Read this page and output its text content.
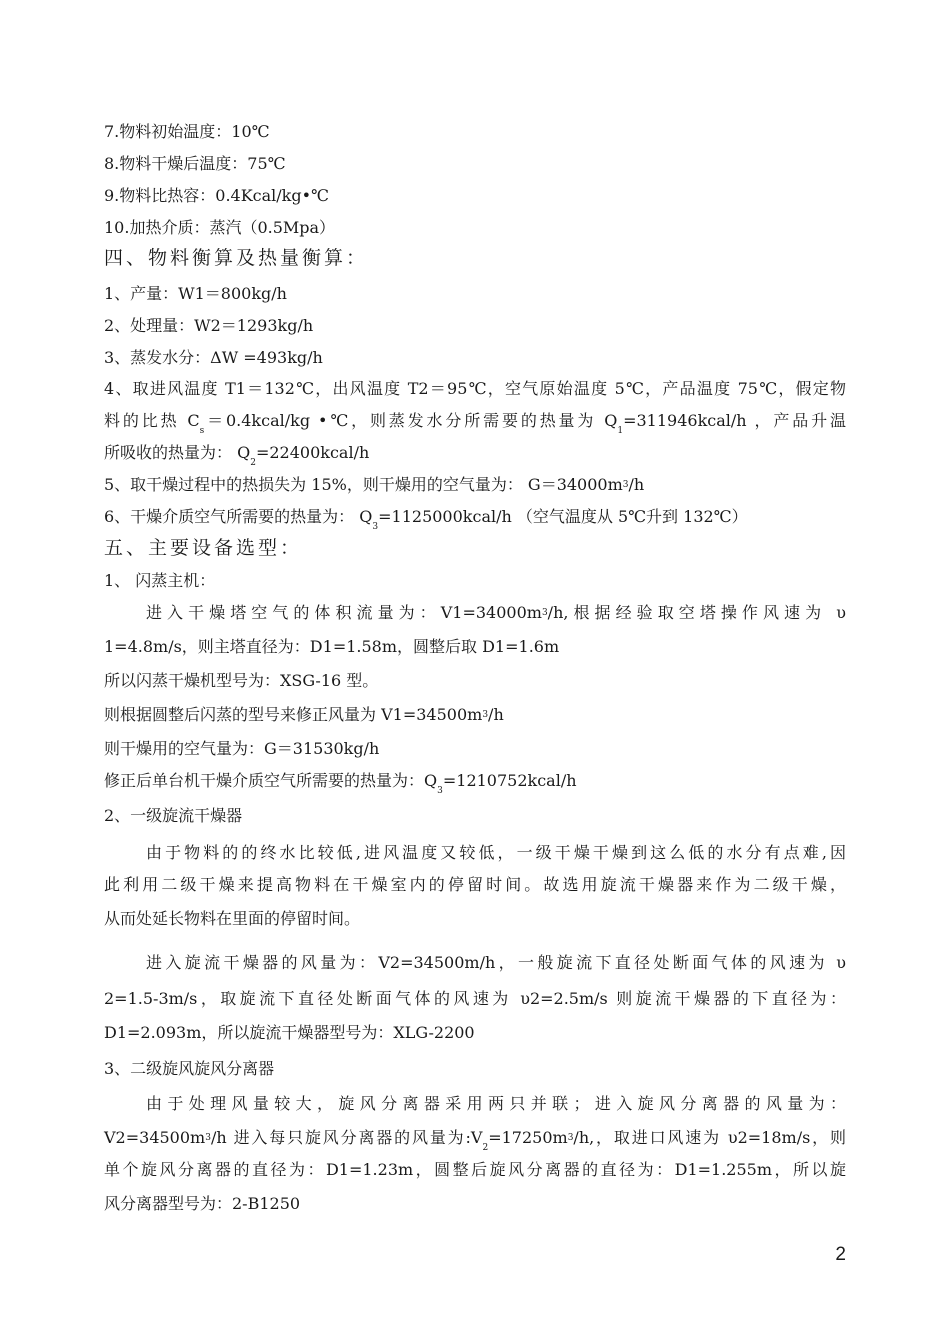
7.物料初始温度：10℃
8.物料干燥后温度：75℃
9.物料比热容：0.4Kcal/kg•℃
10.加热介质：蒸汽（0.5Mpa）
四、物料衡算及热量衡算：
1、产量：W1＝800kg/h
2、处理量：W2＝1293kg/h
3、蒸发水分：ΔW =493kg/h
4、取进风温度 T1＝132℃，出风温度 T2＝95℃，空气原始温度 5℃，产品温度 75℃，假定物
料的比热 $C_s=0.4kcal/kg$ •℃，则蒸发水分所需要的热量为 $Q_1=311946kcal/h$ ，产品升温
所吸收的热量为： $Q_2=22400kcal/h$
5、取干燥过程中的热损失为 15%，则干燥用的空气量为： $G=34000m^3/h$
6、干燥介质空气所需要的热量为： $Q_3=1125000kcal/h$ （空气温度从 5℃升到 132℃）
五、主要设备选型：
1、 闪蒸主机：
进入干燥塔空气的体积流量为：$V1=34000m^3/h$,根据经验取空塔操作风速为 υ
1=4.8m/s，则主塔直径为：D1=1.58m，圆整后取 D1=1.6m
所以闪蒸干燥机型号为：XSG-16 型。
则根据圆整后闪蒸的型号来修正风量为 $V1=34500m^3/h$
则干燥用的空气量为：G＝31530kg/h
修正后单台机干燥介质空气所需要的热量为：$Q_3=1210752kcal/h$
2、一级旋流干燥器
由于物料的的终水比较低,进风温度又较低，一级干燥干燥到这么低的水分有点难,因
此利用二级干燥来提高物料在干燥室内的停留时间。故选用旋流干燥器来作为二级干燥，
从而处延长物料在里面的停留时间。
进入旋流干燥器的风量为：V2=34500m/h，一般旋流下直径处断面气体的风速为 υ
2=1.5-3m/s，取旋流下直径处断面气体的风速为 υ2=2.5m/s 则旋流干燥器的下直径为：
D1=2.093m，所以旋流干燥器型号为：XLG-2200
3、二级旋风旋风分离器
由于处理风量较大，旋风分离器采用两只并联；进入旋风分离器的风量为：
$V2=34500m^3/h$ 进入每只旋风分离器的风量为$:V_2=17250m^3/h$,，取进口风速为 υ2=18m/s，则
单个旋风分离器的直径为：D1=1.23m，圆整后旋风分离器的直径为：D1=1.255m，所以旋
风分离器型号为：2-B1250
2
